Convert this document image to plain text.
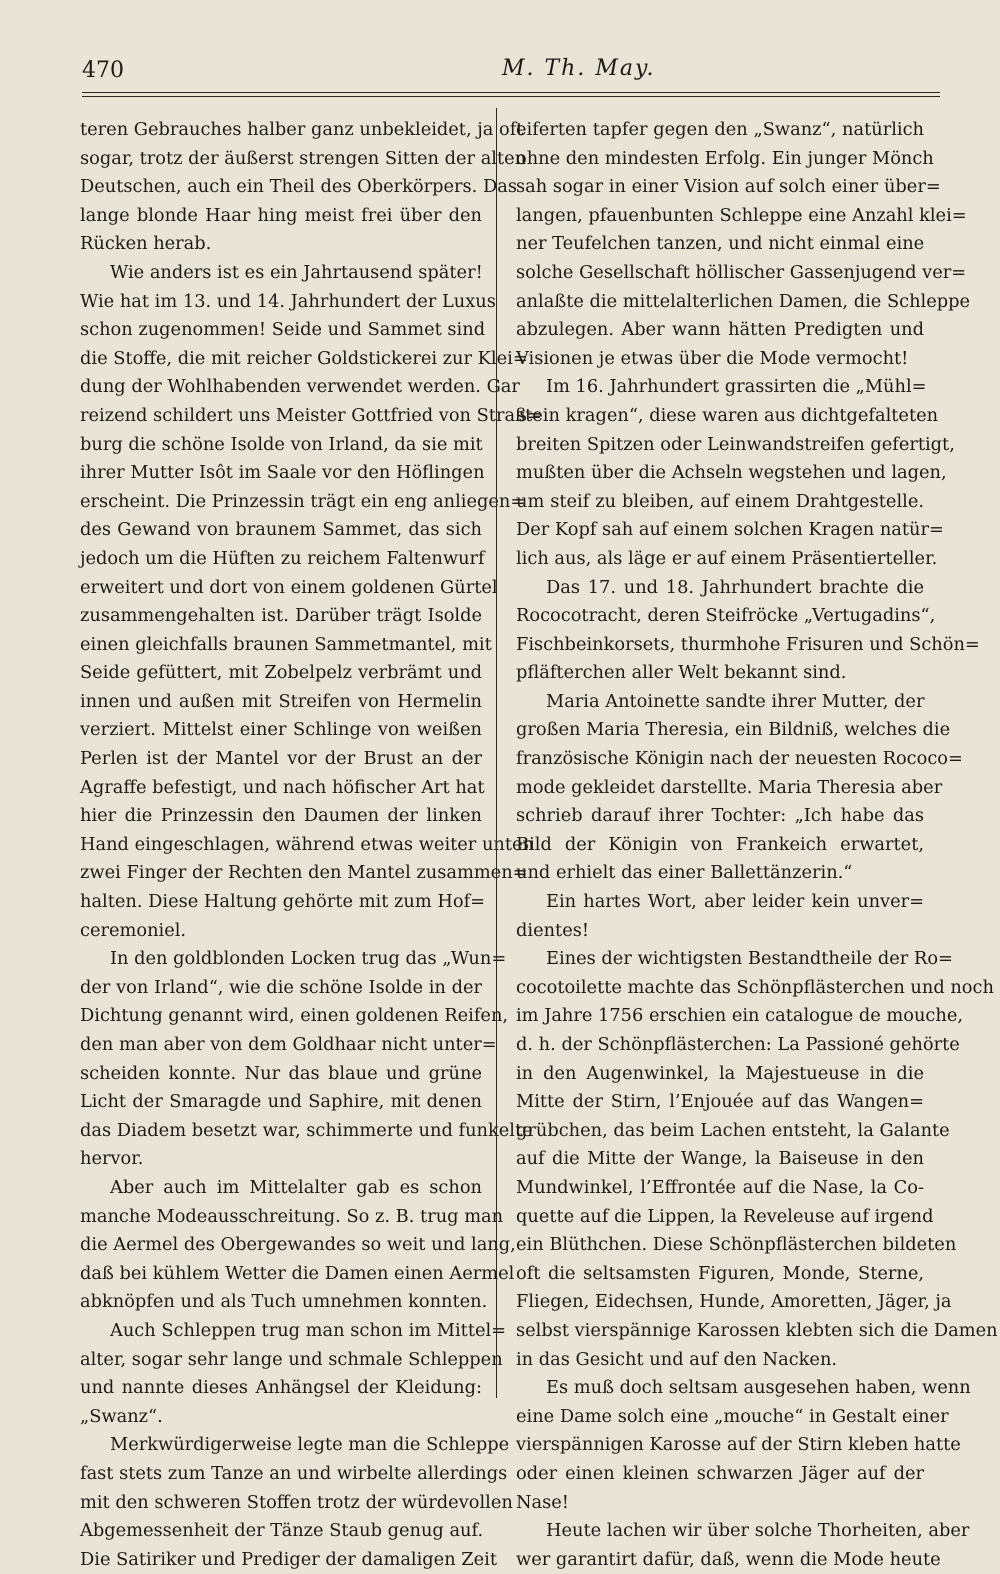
470	M. Th. May.
teren Gebrauches halber ganz unbekleidet, ja oft
sogar, trotz der äußerst strengen Sitten der alten
Deutschen, auch ein Theil des Oberkörpers. Das
lange blonde Haar hing meist frei über den
Rücken herab.
Wie anders ist es ein Jahrtausend später!
Wie hat im 13. und 14. Jahrhundert der Luxus
schon zugenommen! Seide und Sammet sind
die Stoffe, die mit reicher Goldstickerei zur Klei=
dung der Wohlhabenden verwendet werden. Gar
reizend schildert uns Meister Gottfried von Straß=
burg die schöne Isolde von Irland, da sie mit
ihrer Mutter Isôt im Saale vor den Höflingen
erscheint. Die Prinzessin trägt ein eng anliegen=
des Gewand von braunem Sammet, das sich
jedoch um die Hüften zu reichem Faltenwurf
erweitert und dort von einem goldenen Gürtel
zusammengehalten ist. Darüber trägt Isolde
einen gleichfalls braunen Sammetmantel, mit
Seide gefüttert, mit Zobelpelz verbrämt und
innen und außen mit Streifen von Hermelin
verziert. Mittelst einer Schlinge von weißen
Perlen ist der Mantel vor der Brust an der
Agraffe befestigt, und nach höfischer Art hat
hier die Prinzessin den Daumen der linken
Hand eingeschlagen, während etwas weiter unten
zwei Finger der Rechten den Mantel zusammen=
halten. Diese Haltung gehörte mit zum Hof=
ceremoniel.
In den goldblonden Locken trug das „Wun=
der von Irland“, wie die schöne Isolde in der
Dichtung genannt wird, einen goldenen Reifen,
den man aber von dem Goldhaar nicht unter=
scheiden konnte. Nur das blaue und grüne
Licht der Smaragde und Saphire, mit denen
das Diadem besetzt war, schimmerte und funkelte
hervor.
Aber auch im Mittelalter gab es schon
manche Modeausschreitung. So z. B. trug man
die Aermel des Obergewandes so weit und lang,
daß bei kühlem Wetter die Damen einen Aermel
abknöpfen und als Tuch umnehmen konnten.
Auch Schleppen trug man schon im Mittel=
alter, sogar sehr lange und schmale Schleppen
und nannte dieses Anhängsel der Kleidung:
„Swanz“.
Merkwürdigerweise legte man die Schleppe
fast stets zum Tanze an und wirbelte allerdings
mit den schweren Stoffen trotz der würdevollen
Abgemessenheit der Tänze Staub genug auf.
Die Satiriker und Prediger der damaligen Zeit
eiferten tapfer gegen den „Swanz“, natürlich
ohne den mindesten Erfolg. Ein junger Mönch
sah sogar in einer Vision auf solch einer über=
langen, pfauenbunten Schleppe eine Anzahl klei=
ner Teufelchen tanzen, und nicht einmal eine
solche Gesellschaft höllischer Gassenjugend ver=
anlaßte die mittelalterlichen Damen, die Schleppe
abzulegen. Aber wann hätten Predigten und
Visionen je etwas über die Mode vermocht!
Im 16. Jahrhundert grassirten die „Mühl=
stein kragen“, diese waren aus dichtgefalteten
breiten Spitzen oder Leinwandstreifen gefertigt,
mußten über die Achseln wegstehen und lagen,
um steif zu bleiben, auf einem Drahtgestelle.
Der Kopf sah auf einem solchen Kragen natür=
lich aus, als läge er auf einem Präsentierteller.
Das 17. und 18. Jahrhundert brachte die
Rococotracht, deren Steifröcke „Vertugadins“,
Fischbeinkorsets, thurmhohe Frisuren und Schön=
pfläfterchen aller Welt bekannt sind.
Maria Antoinette sandte ihrer Mutter, der
großen Maria Theresia, ein Bildniß, welches die
französische Königin nach der neuesten Rococo=
mode gekleidet darstellte. Maria Theresia aber
schrieb darauf ihrer Tochter: „Ich habe das
Bild der Königin von Frankeich erwartet,
und erhielt das einer Ballettänzerin.“
Ein hartes Wort, aber leider kein unver=
dientes!
Eines der wichtigsten Bestandtheile der Ro=
cocotoilette machte das Schönpflästerchen und noch
im Jahre 1756 erschien ein catalogue de mouche,
d. h. der Schönpflästerchen: La Passioné gehörte
in den Augenwinkel, la Majestueuse in die
Mitte der Stirn, l’Enjouée auf das Wangen=
grübchen, das beim Lachen entsteht, la Galante
auf die Mitte der Wange, la Baiseuse in den
Mundwinkel, l’Effrontée auf die Nase, la Co-
quette auf die Lippen, la Reveleuse auf irgend
ein Blüthchen. Diese Schönpflästerchen bildeten
oft die seltsamsten Figuren, Monde, Sterne,
Fliegen, Eidechsen, Hunde, Amoretten, Jäger, ja
selbst vierspännige Karossen klebten sich die Damen
in das Gesicht und auf den Nacken.
Es muß doch seltsam ausgesehen haben, wenn
eine Dame solch eine „mouche“ in Gestalt einer
vierspännigen Karosse auf der Stirn kleben hatte
oder einen kleinen schwarzen Jäger auf der
Nase!
Heute lachen wir über solche Thorheiten, aber
wer garantirt dafür, daß, wenn die Mode heute
